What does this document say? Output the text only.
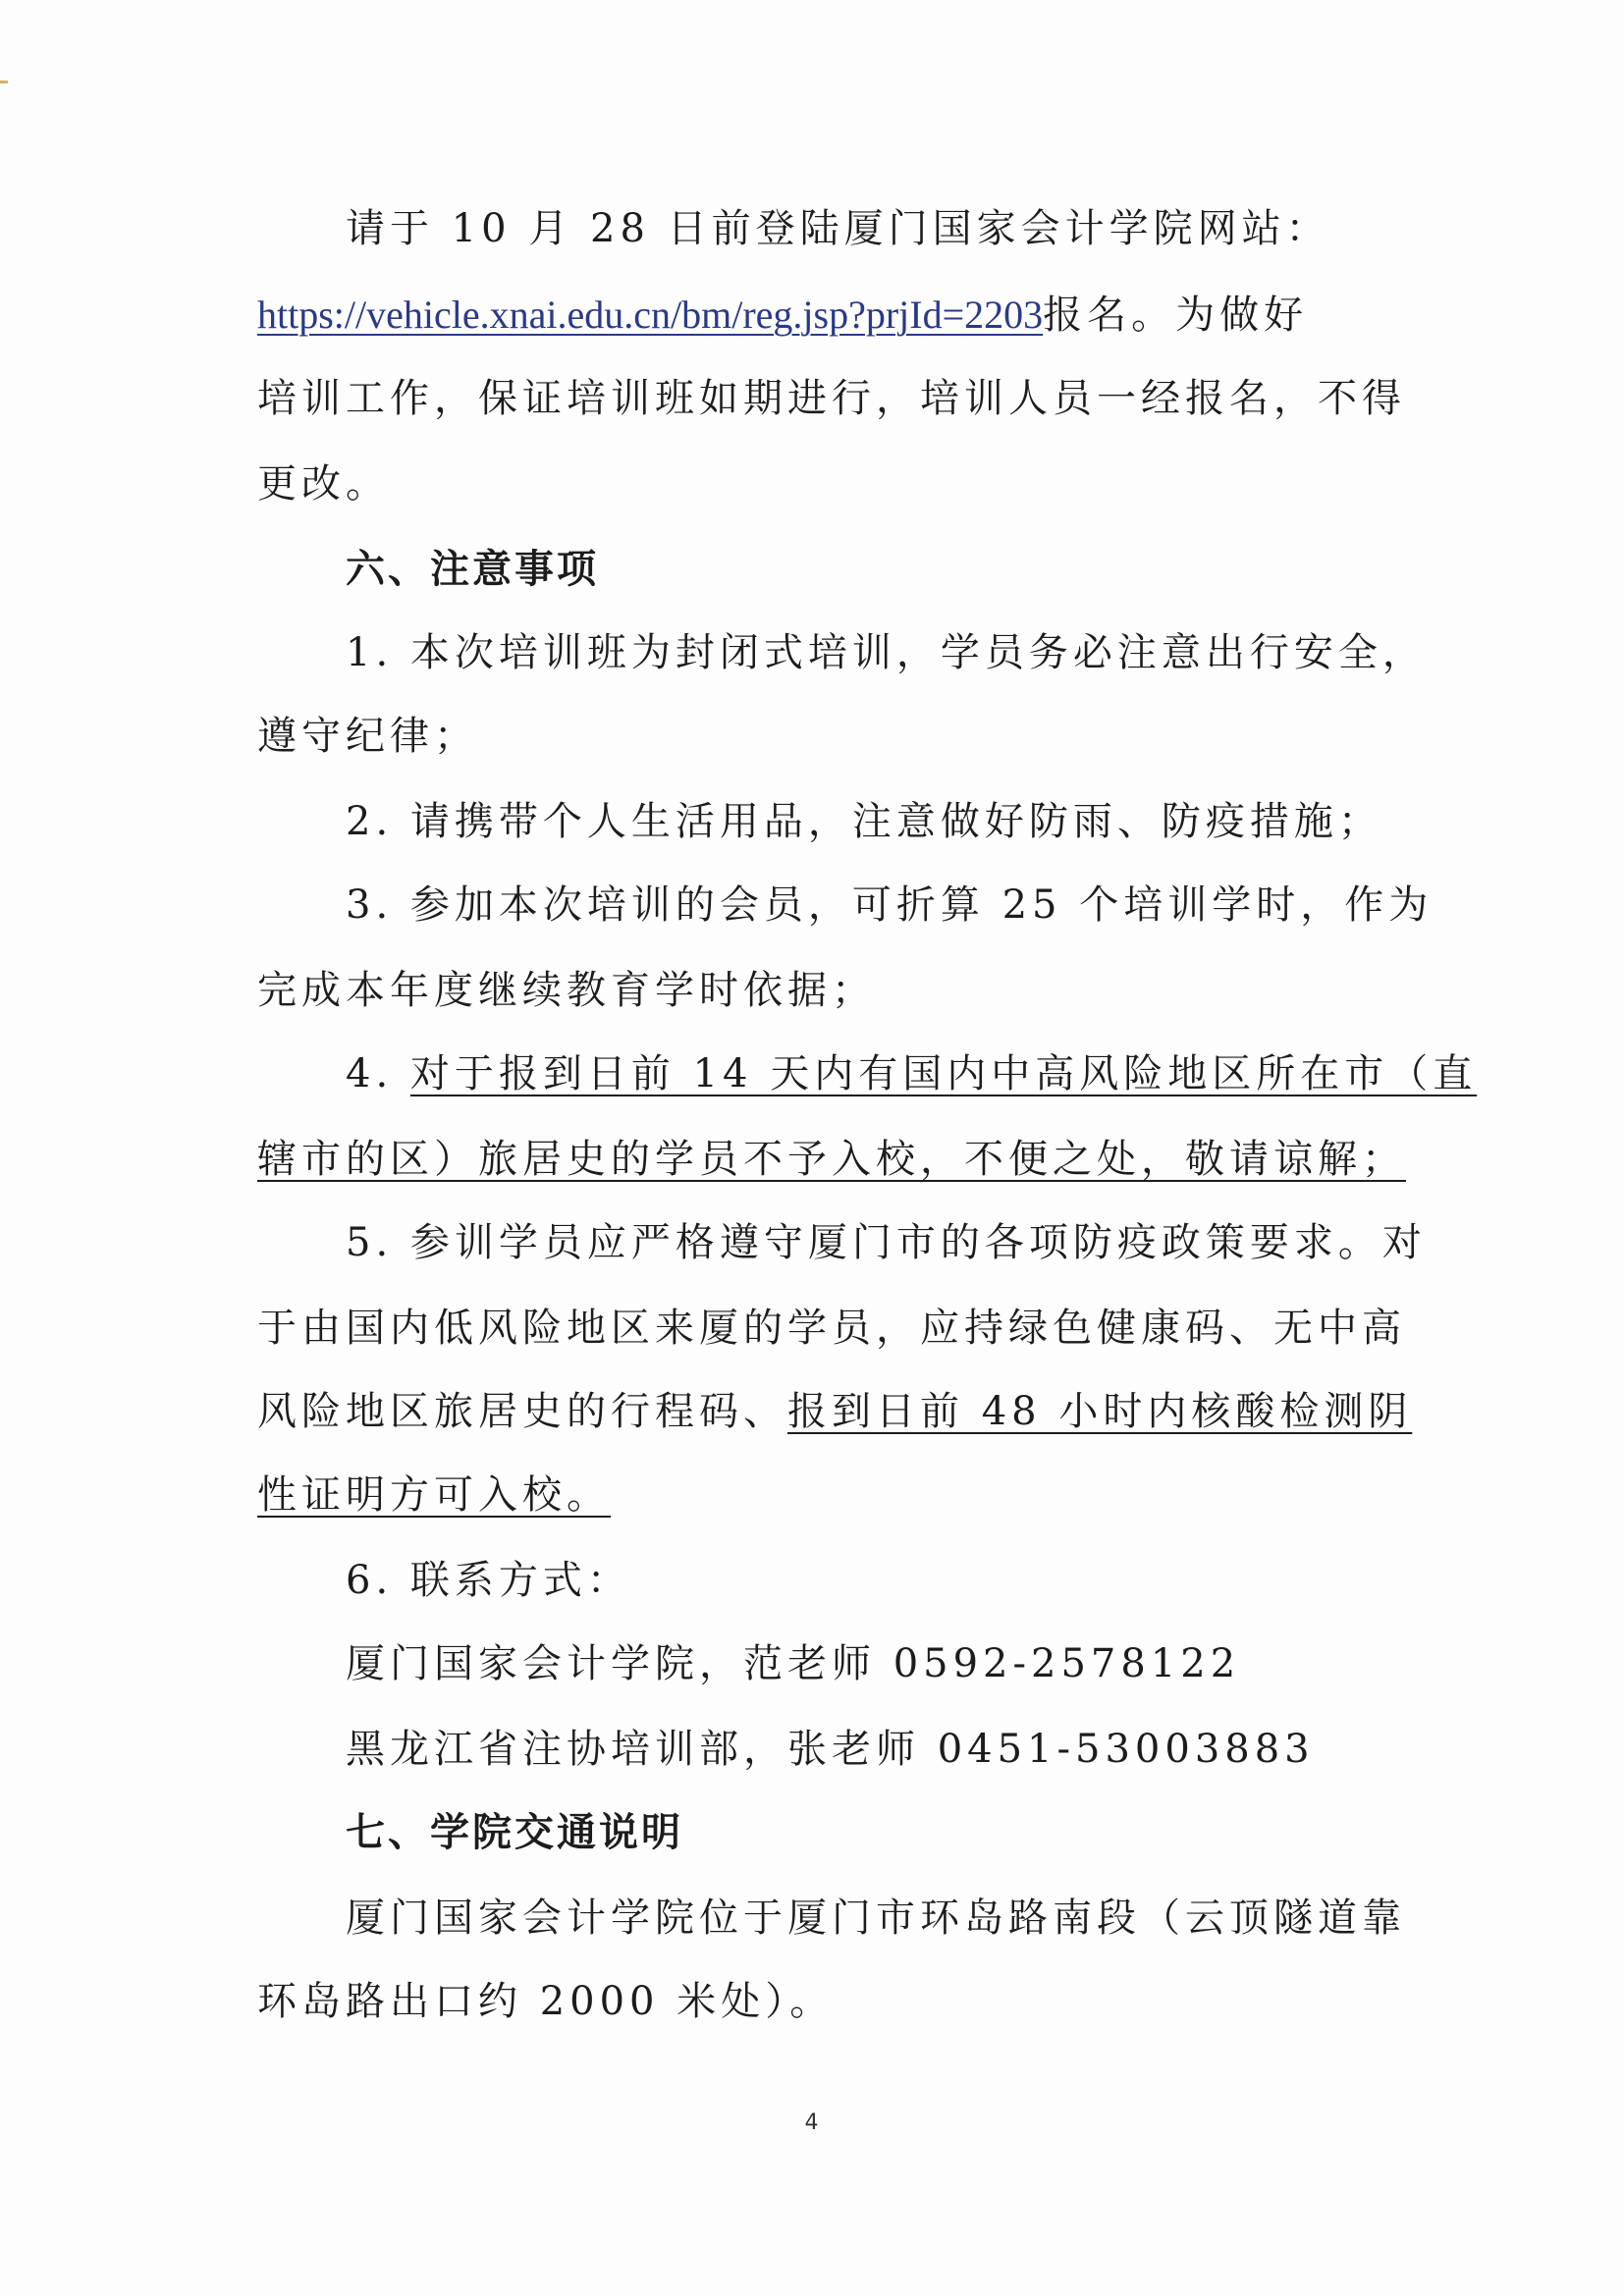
请于 10 月 28 日前登陆厦门国家会计学院网站：
https://vehicle.xnai.edu.cn/bm/reg.jsp?prjId=2203报名。为做好
培训工作，保证培训班如期进行，培训人员一经报名，不得
更改。
六、注意事项
1. 本次培训班为封闭式培训，学员务必注意出行安全，
遵守纪律；
2. 请携带个人生活用品，注意做好防雨、防疫措施；
3. 参加本次培训的会员，可折算 25 个培训学时，作为
完成本年度继续教育学时依据；
4. 对于报到日前 14 天内有国内中高风险地区所在市（直
辖市的区）旅居史的学员不予入校，不便之处，敬请谅解；
5. 参训学员应严格遵守厦门市的各项防疫政策要求。对
于由国内低风险地区来厦的学员，应持绿色健康码、无中高
风险地区旅居史的行程码、报到日前 48 小时内核酸检测阴
性证明方可入校。
6. 联系方式：
厦门国家会计学院，范老师 0592-2578122
黑龙江省注协培训部，张老师 0451-53003883
七、学院交通说明
厦门国家会计学院位于厦门市环岛路南段（云顶隧道靠
环岛路出口约 2000 米处）。
4
